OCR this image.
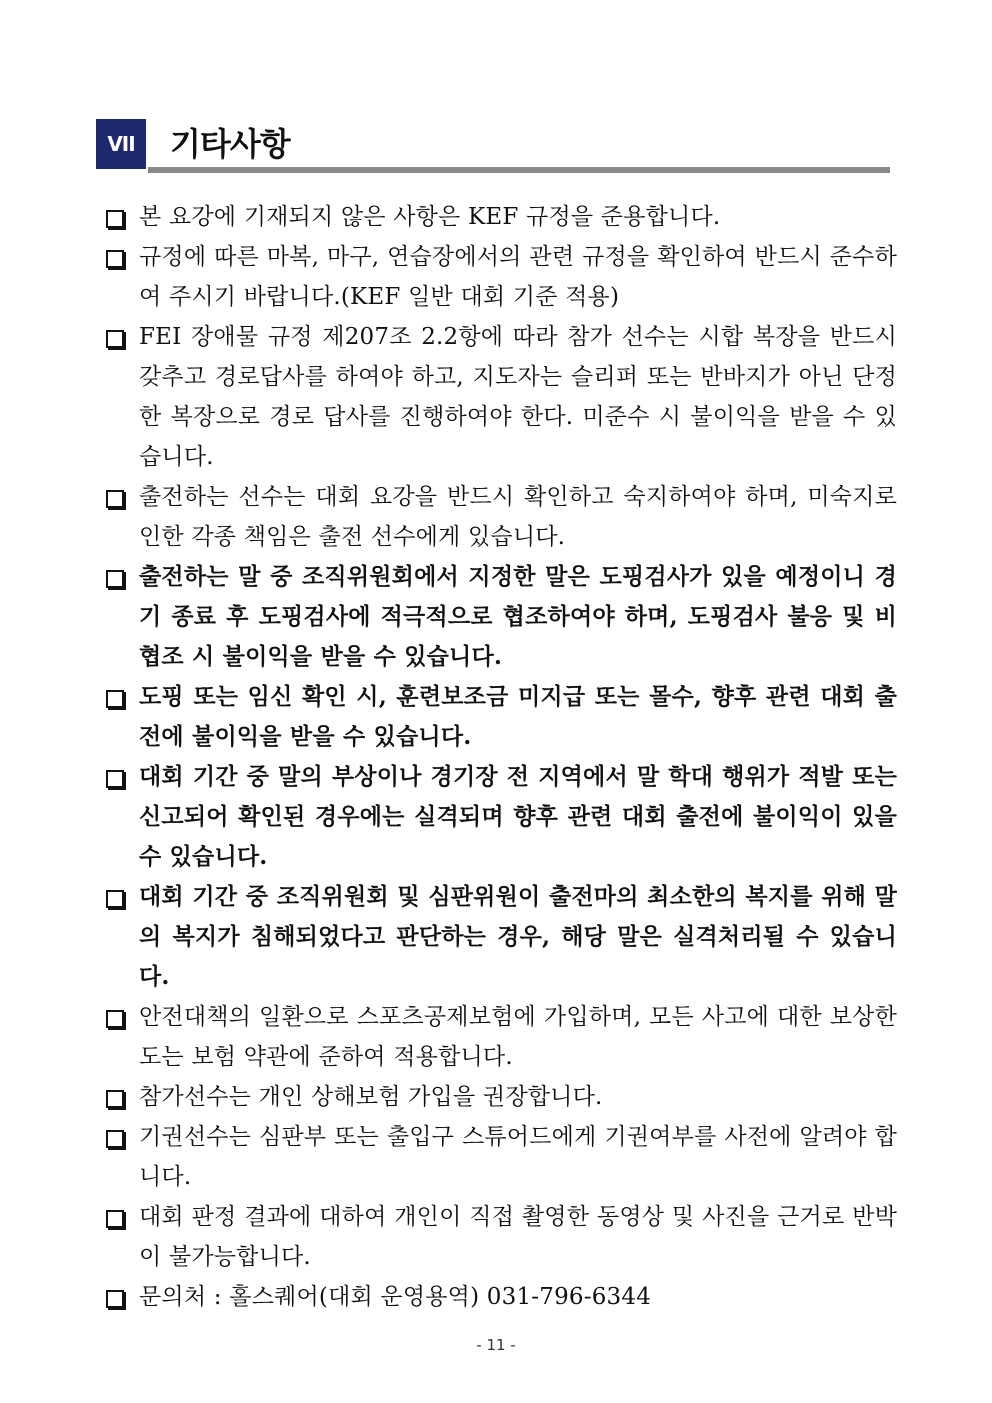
VII	기타사항
본 요강에 기재되지 않은 사항은 KEF 규정을 준용합니다.
규정에 따른 마복, 마구, 연습장에서의 관련 규정을 확인하여 반드시 준수하여 주시기 바랍니다.(KEF 일반 대회 기준 적용)
FEI 장애물 규정 제207조 2.2항에 따라 참가 선수는 시합 복장을 반드시 갖추고 경로답사를 하여야 하고, 지도자는 슬리퍼 또는 반바지가 아닌 단정한 복장으로 경로 답사를 진행하여야 한다. 미준수 시 불이익을 받을 수 있습니다.
출전하는 선수는 대회 요강을 반드시 확인하고 숙지하여야 하며, 미숙지로 인한 각종 책임은 출전 선수에게 있습니다.
출전하는 말 중 조직위원회에서 지정한 말은 도핑검사가 있을 예정이니 경기 종료 후 도핑검사에 적극적으로 협조하여야 하며, 도핑검사 불응 및 비협조 시 불이익을 받을 수 있습니다.
도핑 또는 임신 확인 시, 훈련보조금 미지급 또는 몰수, 향후 관련 대회 출전에 불이익을 받을 수 있습니다.
대회 기간 중 말의 부상이나 경기장 전 지역에서 말 학대 행위가 적발 또는 신고되어 확인된 경우에는 실격되며 향후 관련 대회 출전에 불이익이 있을 수 있습니다.
대회 기간 중 조직위원회 및 심판위원이 출전마의 최소한의 복지를 위해 말의 복지가 침해되었다고 판단하는 경우, 해당 말은 실격처리될 수 있습니다.
안전대책의 일환으로 스포츠공제보험에 가입하며, 모든 사고에 대한 보상한도는 보험 약관에 준하여 적용합니다.
참가선수는 개인 상해보험 가입을 권장합니다.
기권선수는 심판부 또는 출입구 스튜어드에게 기권여부를 사전에 알려야 합니다.
대회 판정 결과에 대하여 개인이 직접 촬영한 동영상 및 사진을 근거로 반박이 불가능합니다.
문의처 : 홀스퀘어(대회 운영용역) 031-796-6344
- 11 -
